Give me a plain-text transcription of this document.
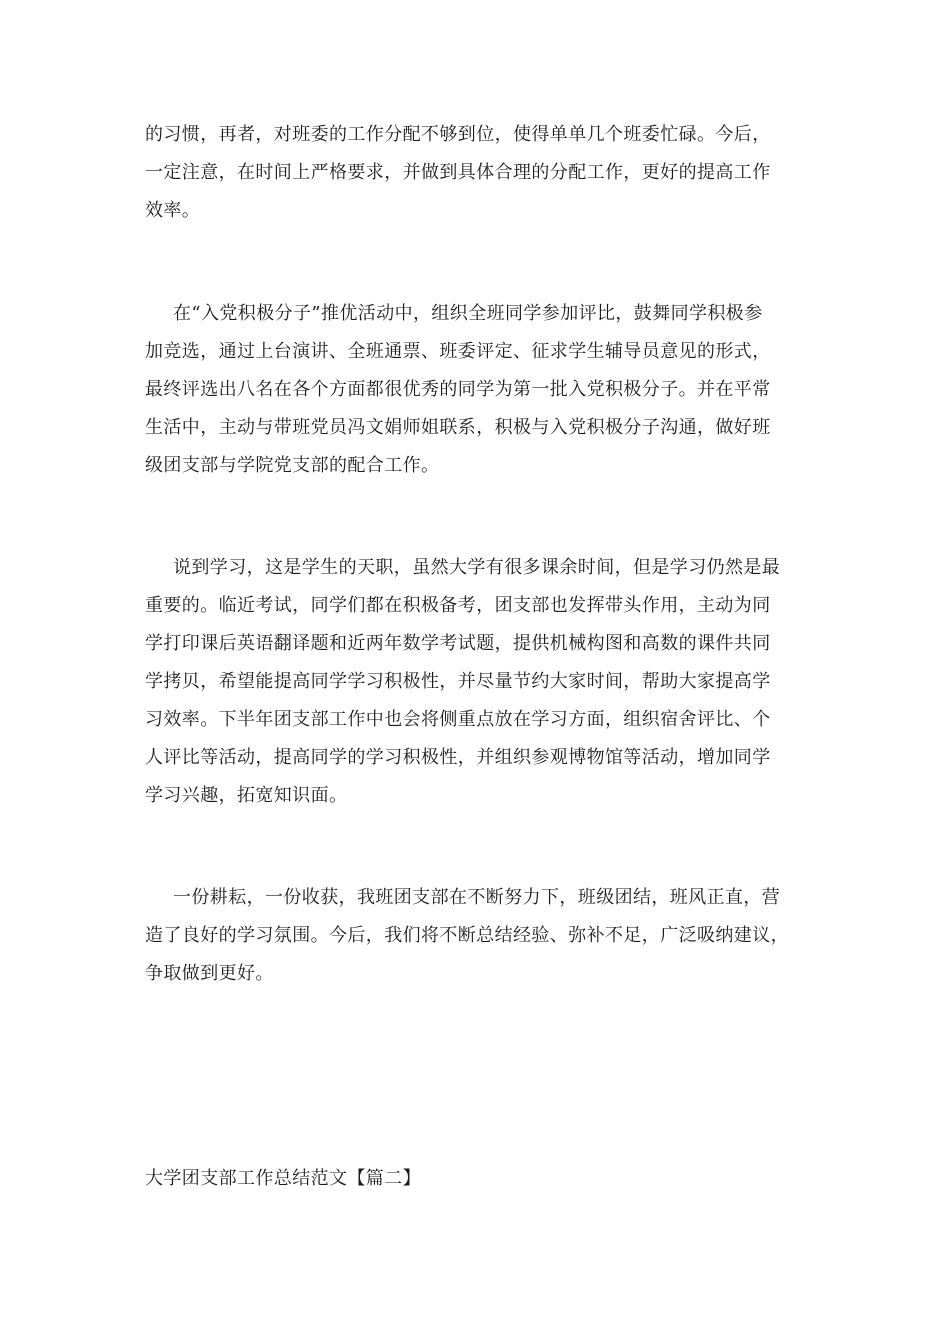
的习惯，再者，对班委的工作分配不够到位，使得单单几个班委忙碌。今后，
一定注意，在时间上严格要求，并做到具体合理的分配工作，更好的提高工作
效率。
在“入党积极分子”推优活动中，组织全班同学参加评比，鼓舞同学积极参
加竞选，通过上台演讲、全班通票、班委评定、征求学生辅导员意见的形式，
最终评选出八名在各个方面都很优秀的同学为第一批入党积极分子。并在平常
生活中，主动与带班党员冯文娟师姐联系，积极与入党积极分子沟通，做好班
级团支部与学院党支部的配合工作。
说到学习，这是学生的天职，虽然大学有很多课余时间，但是学习仍然是最
重要的。临近考试，同学们都在积极备考，团支部也发挥带头作用，主动为同
学打印课后英语翻译题和近两年数学考试题，提供机械构图和高数的课件共同
学拷贝，希望能提高同学学习积极性，并尽量节约大家时间，帮助大家提高学
习效率。下半年团支部工作中也会将侧重点放在学习方面，组织宿舍评比、个
人评比等活动，提高同学的学习积极性，并组织参观博物馆等活动，增加同学
学习兴趣，拓宽知识面。
一份耕耘，一份收获，我班团支部在不断努力下，班级团结，班风正直，营
造了良好的学习氛围。今后，我们将不断总结经验、弥补不足，广泛吸纳建议，
争取做到更好。
大学团支部工作总结范文【篇二】
